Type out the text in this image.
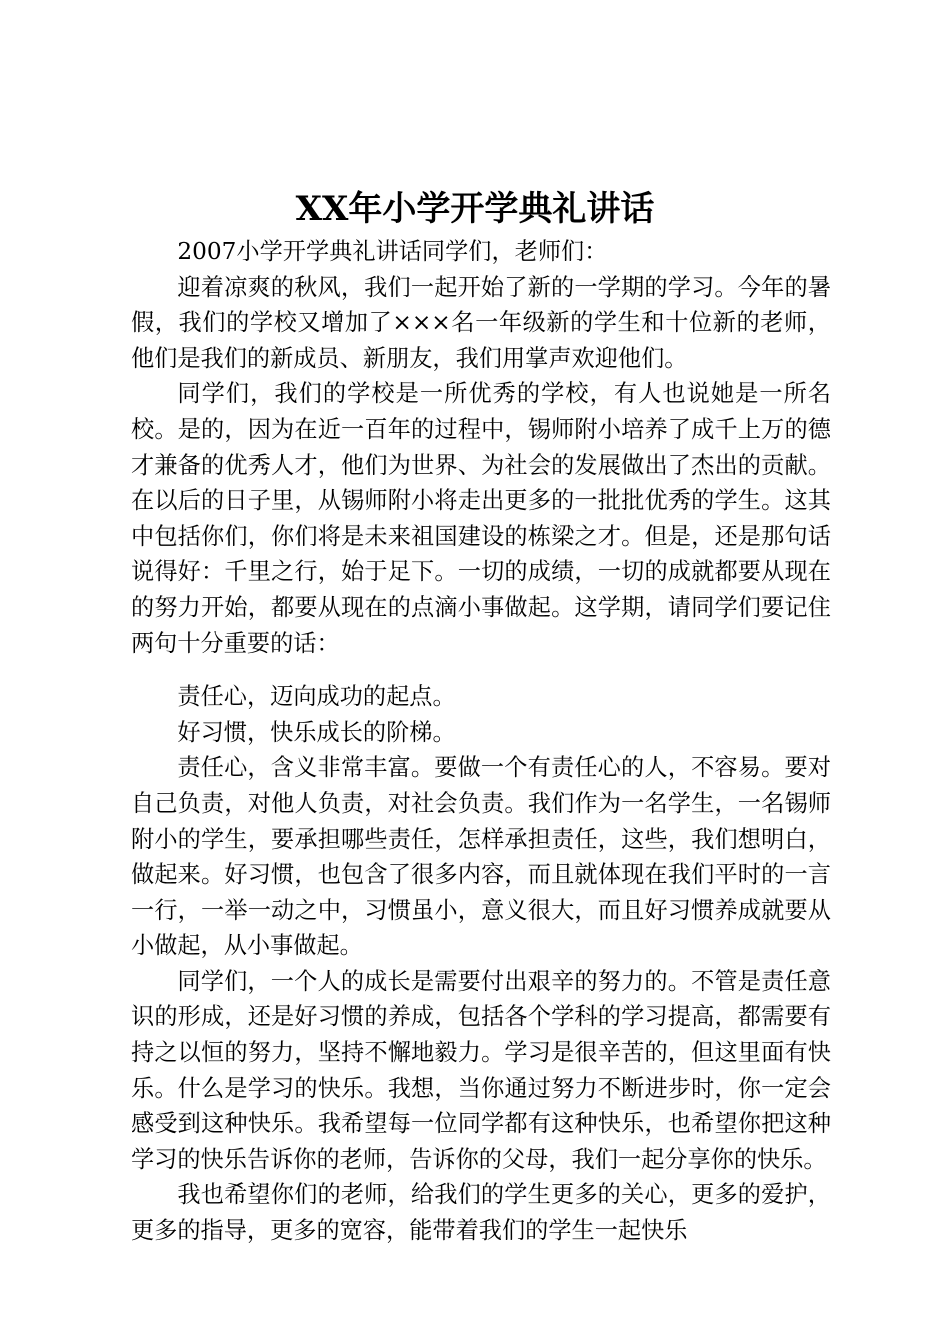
XX年小学开学典礼讲话

2007小学开学典礼讲话同学们，老师们：

迎着凉爽的秋风，我们一起开始了新的一学期的学习。今年的暑假，我们的学校又增加了×××名一年级新的学生和十位新的老师，他们是我们的新成员、新朋友，我们用掌声欢迎他们。

同学们，我们的学校是一所优秀的学校，有人也说她是一所名校。是的，因为在近一百年的过程中，锡师附小培养了成千上万的德才兼备的优秀人才，他们为世界、为社会的发展做出了杰出的贡献。在以后的日子里，从锡师附小将走出更多的一批批优秀的学生。这其中包括你们，你们将是未来祖国建设的栋梁之才。但是，还是那句话说得好：千里之行，始于足下。一切的成绩，一切的成就都要从现在的努力开始，都要从现在的点滴小事做起。这学期，请同学们要记住两句十分重要的话：

责任心，迈向成功的起点。

好习惯，快乐成长的阶梯。

责任心，含义非常丰富。要做一个有责任心的人，不容易。要对自己负责，对他人负责，对社会负责。我们作为一名学生，一名锡师附小的学生，要承担哪些责任，怎样承担责任，这些，我们想明白，做起来。好习惯，也包含了很多内容，而且就体现在我们平时的一言一行，一举一动之中，习惯虽小，意义很大，而且好习惯养成就要从小做起，从小事做起。

同学们，一个人的成长是需要付出艰辛的努力的。不管是责任意识的形成，还是好习惯的养成，包括各个学科的学习提高，都需要有持之以恒的努力，坚持不懈地毅力。学习是很辛苦的，但这里面有快乐。什么是学习的快乐。我想，当你通过努力不断进步时，你一定会感受到这种快乐。我希望每一位同学都有这种快乐，也希望你把这种学习的快乐告诉你的老师，告诉你的父母，我们一起分享你的快乐。

我也希望你们的老师，给我们的学生更多的关心，更多的爱护，更多的指导，更多的宽容，能带着我们的学生一起快乐
